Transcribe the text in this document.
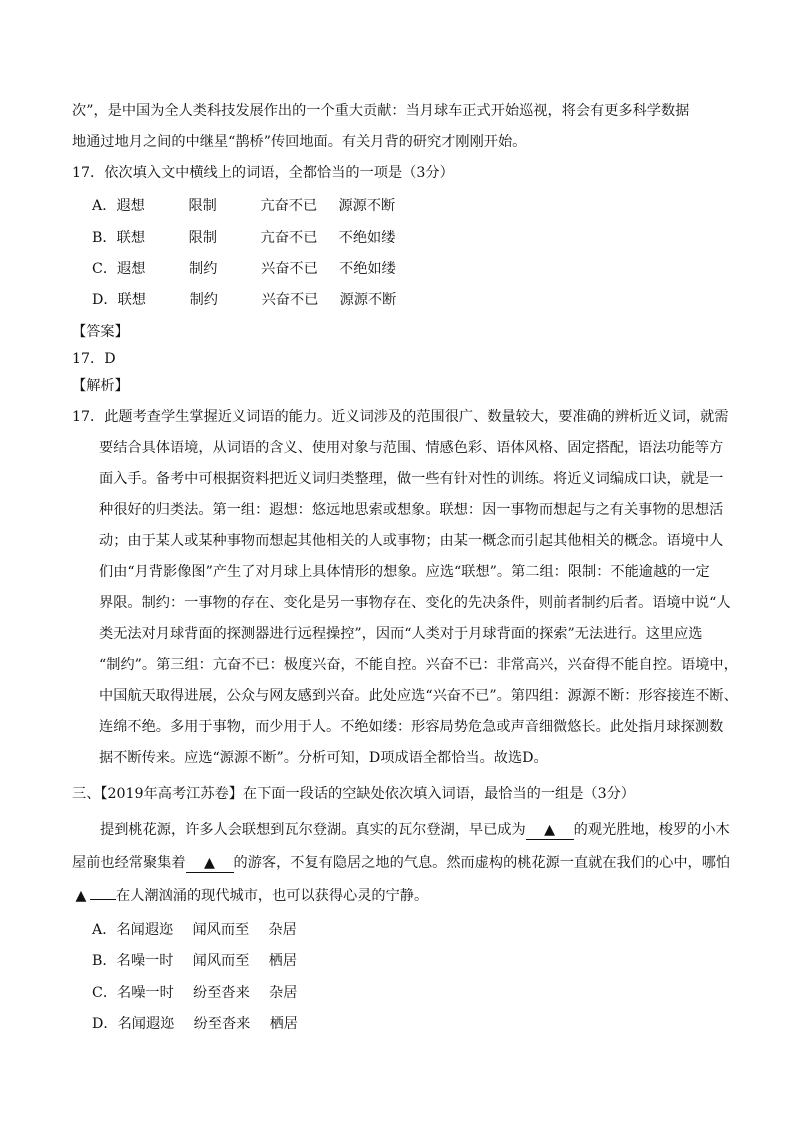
次”，是中国为全人类科技发展作出的一个重大贡献：当月球车正式开始巡视，将会有更多科学数据
地通过地月之间的中继星“鹊桥”传回地面。有关月背的研究才刚刚开始。
17．依次填入文中横线上的词语，全都恰当的一项是（3分）
A．遐想	限制	亢奋不已 源源不断
B．联想	限制	亢奋不已 不绝如缕
C．遐想	制约	兴奋不已 不绝如缕
D．联想	制约	兴奋不已 源源不断
【答案】
17．D
【解析】
17．此题考查学生掌握近义词语的能力。近义词涉及的范围很广、数量较大，要准确的辨析近义词，就需
要结合具体语境，从词语的含义、使用对象与范围、情感色彩、语体风格、固定搭配，语法功能等方
面入手。备考中可根据资料把近义词归类整理，做一些有针对性的训练。将近义词编成口诀，就是一
种很好的归类法。第一组：遐想：悠远地思索或想象。联想：因一事物而想起与之有关事物的思想活
动；由于某人或某种事物而想起其他相关的人或事物；由某一概念而引起其他相关的概念。语境中人
们由“月背影像图”产生了对月球上具体情形的想象。应选“联想”。第二组：限制：不能逾越的一定
界限。制约：一事物的存在、变化是另一事物存在、变化的先决条件，则前者制约后者。语境中说“人
类无法对月球背面的探测器进行远程操控”，因而“人类对于月球背面的探索”无法进行。这里应选
“制约”。第三组：亢奋不已：极度兴奋，不能自控。兴奋不已：非常高兴，兴奋得不能自控。语境中，
中国航天取得进展，公众与网友感到兴奋。此处应选“兴奋不已”。第四组：源源不断：形容接连不断、
连绵不绝。多用于事物，而少用于人。不绝如缕：形容局势危急或声音细微悠长。此处指月球探测数
据不断传来。应选“源源不断”。分析可知，D项成语全都恰当。故选D。
三、【2019年高考江苏卷】在下面一段话的空缺处依次填入词语，最恰当的一组是（3分）
提到桃花源，许多人会联想到瓦尔登湖。真实的瓦尔登湖，早已成为 ▲ 的观光胜地，梭罗的小木
屋前也经常聚集着 ▲ 的游客，不复有隐居之地的气息。然而虚构的桃花源一直就在我们的心中，哪怕
▲ 在人潮汹涌的现代城市，也可以获得心灵的宁静。
A．名闻遐迩 闻风而至 杂居
B．名噪一时 闻风而至 栖居
C．名噪一时 纷至沓来 杂居
D．名闻遐迩 纷至沓来 栖居
